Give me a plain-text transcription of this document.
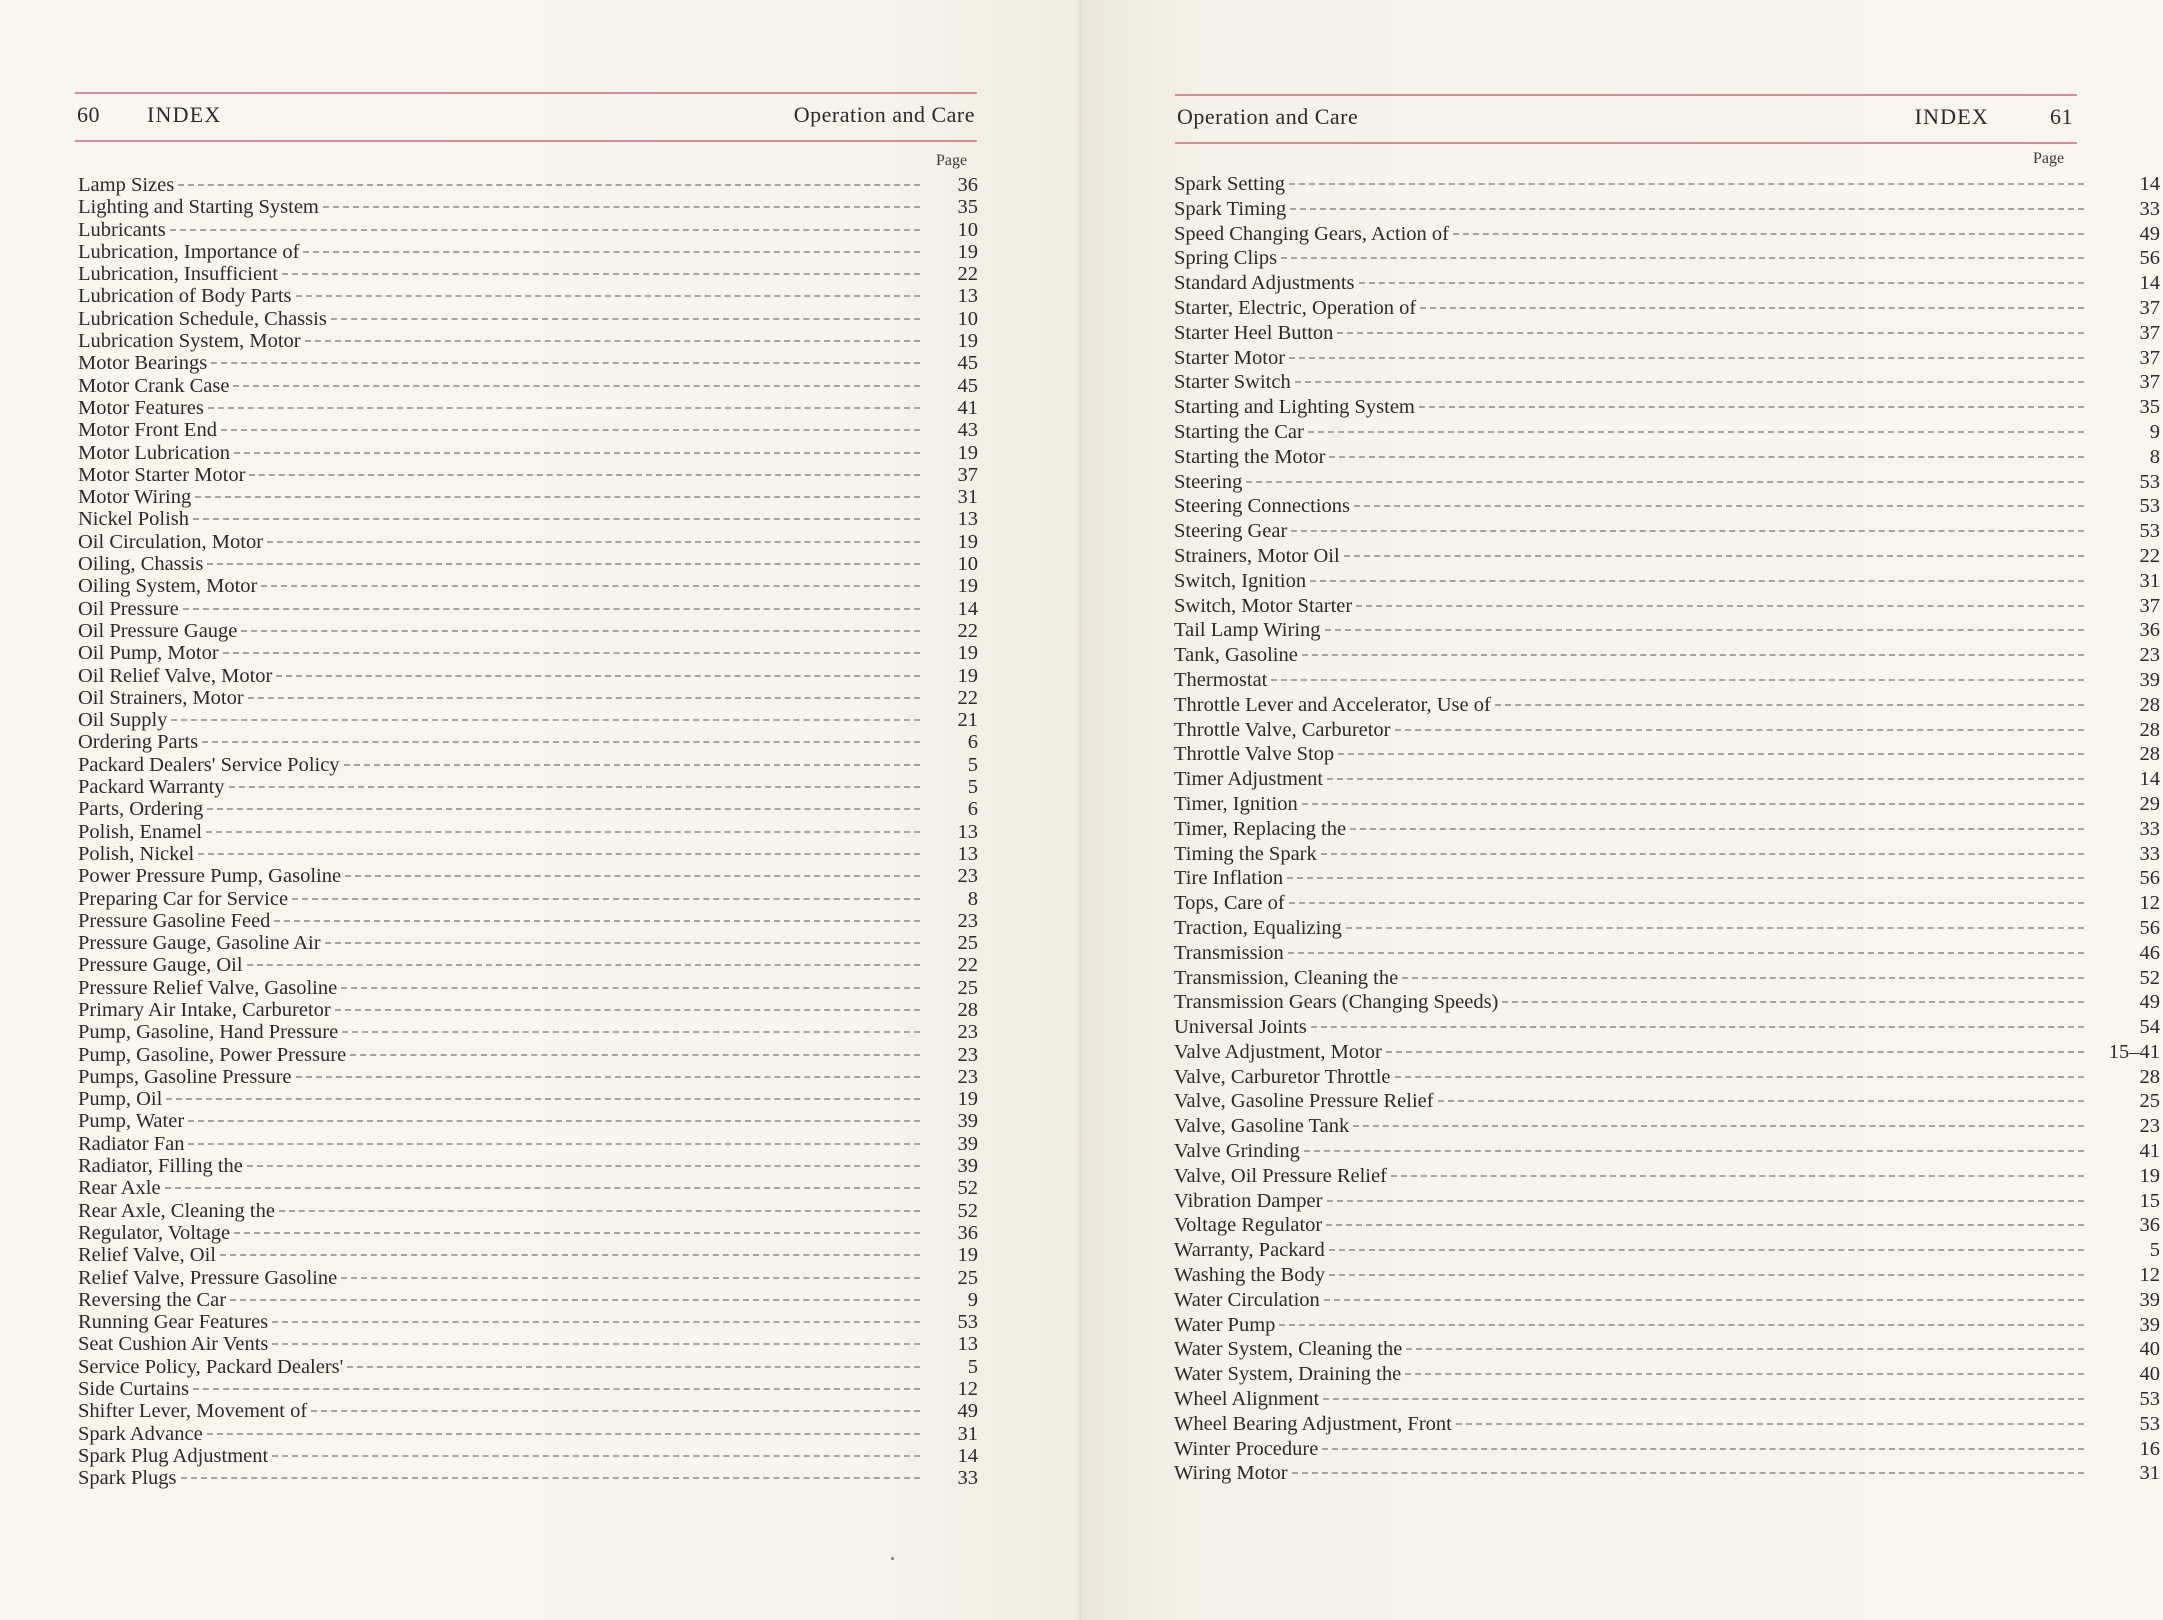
60 INDEX	Operation and Care
Page
Lamp Sizes	36
Lighting and Starting System	35
Lubricants	10
Lubrication, Importance of	19
Lubrication, Insufficient	22
Lubrication of Body Parts	13
Lubrication Schedule, Chassis	10
Lubrication System, Motor	19
Motor Bearings	45
Motor Crank Case	45
Motor Features	41
Motor Front End	43
Motor Lubrication	19
Motor Starter Motor	37
Motor Wiring	31
Nickel Polish	13
Oil Circulation, Motor	19
Oiling, Chassis	10
Oiling System, Motor	19
Oil Pressure	14
Oil Pressure Gauge	22
Oil Pump, Motor	19
Oil Relief Valve, Motor	19
Oil Strainers, Motor	22
Oil Supply	21
Ordering Parts	6
Packard Dealers' Service Policy	5
Packard Warranty	5
Parts, Ordering	6
Polish, Enamel	13
Polish, Nickel	13
Power Pressure Pump, Gasoline	23
Preparing Car for Service	8
Pressure Gasoline Feed	23
Pressure Gauge, Gasoline Air	25
Pressure Gauge, Oil	22
Pressure Relief Valve, Gasoline	25
Primary Air Intake, Carburetor	28
Pump, Gasoline, Hand Pressure	23
Pump, Gasoline, Power Pressure	23
Pumps, Gasoline Pressure	23
Pump, Oil	19
Pump, Water	39
Radiator Fan	39
Radiator, Filling the	39
Rear Axle	52
Rear Axle, Cleaning the	52
Regulator, Voltage	36
Relief Valve, Oil	19
Relief Valve, Pressure Gasoline	25
Reversing the Car	9
Running Gear Features	53
Seat Cushion Air Vents	13
Service Policy, Packard Dealers'	5
Side Curtains	12
Shifter Lever, Movement of	49
Spark Advance	31
Spark Plug Adjustment	14
Spark Plugs	33
Operation and Care	INDEX	61
Page
Spark Setting	14
Spark Timing	33
Speed Changing Gears, Action of	49
Spring Clips	56
Standard Adjustments	14
Starter, Electric, Operation of	37
Starter Heel Button	37
Starter Motor	37
Starter Switch	37
Starting and Lighting System	35
Starting the Car	9
Starting the Motor	8
Steering	53
Steering Connections	53
Steering Gear	53
Strainers, Motor Oil	22
Switch, Ignition	31
Switch, Motor Starter	37
Tail Lamp Wiring	36
Tank, Gasoline	23
Thermostat	39
Throttle Lever and Accelerator, Use of	28
Throttle Valve, Carburetor	28
Throttle Valve Stop	28
Timer Adjustment	14
Timer, Ignition	29
Timer, Replacing the	33
Timing the Spark	33
Tire Inflation	56
Tops, Care of	12
Traction, Equalizing	56
Transmission	46
Transmission, Cleaning the	52
Transmission Gears (Changing Speeds)	49
Universal Joints	54
Valve Adjustment, Motor	15–41
Valve, Carburetor Throttle	28
Valve, Gasoline Pressure Relief	25
Valve, Gasoline Tank	23
Valve Grinding	41
Valve, Oil Pressure Relief	19
Vibration Damper	15
Voltage Regulator	36
Warranty, Packard	5
Washing the Body	12
Water Circulation	39
Water Pump	39
Water System, Cleaning the	40
Water System, Draining the	40
Wheel Alignment	53
Wheel Bearing Adjustment, Front	53
Winter Procedure	16
Wiring Motor	31
